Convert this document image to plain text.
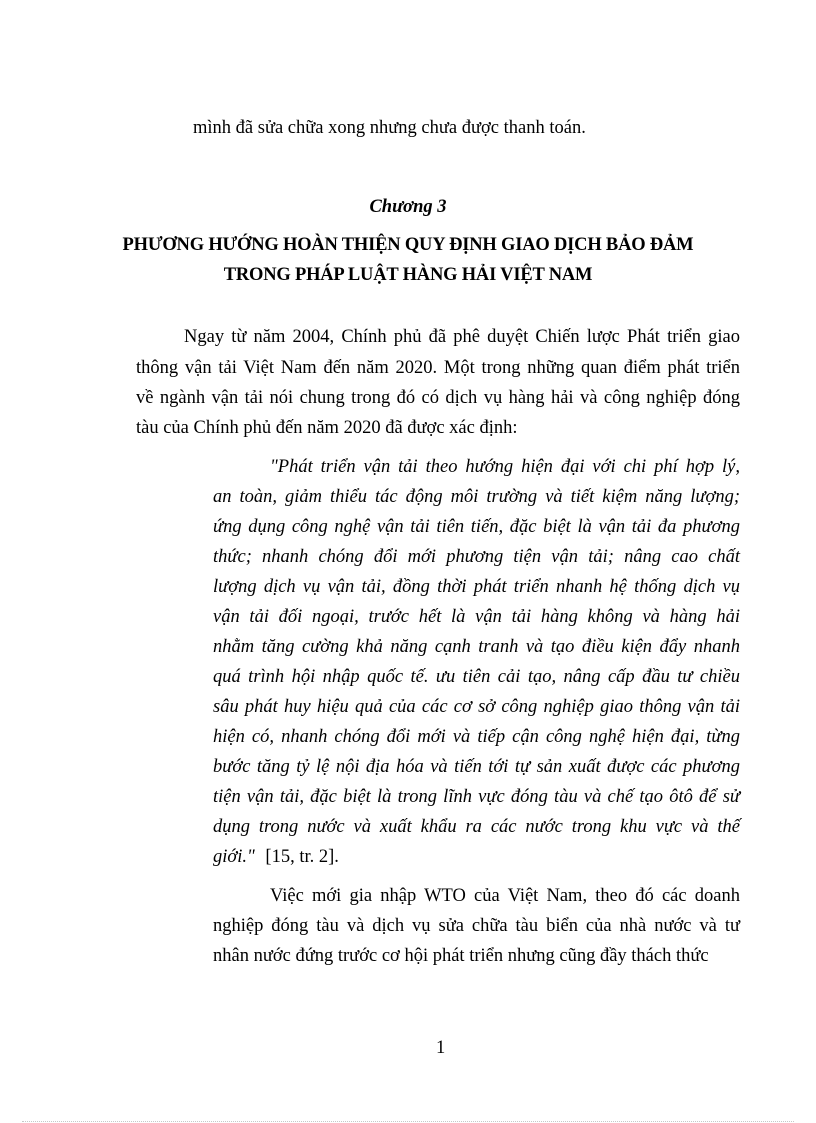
mình đã sửa chữa xong nhưng chưa được thanh toán.
Chương 3
PHƯƠNG HƯỚNG HOÀN THIỆN QUY ĐỊNH GIAO DỊCH BẢO ĐẢM
TRONG PHÁP LUẬT HÀNG HẢI VIỆT NAM
Ngay từ năm 2004, Chính phủ đã phê duyệt Chiến lược Phát triển giao
thông vận tải Việt Nam đến năm 2020. Một trong những quan điểm phát triển
về ngành vận tải nói chung trong đó có dịch vụ hàng hải và công nghiệp đóng
tàu của Chính phủ đến năm 2020 đã được xác định:
"Phát triển vận tải theo hướng hiện đại với chi phí hợp lý,
an toàn, giảm thiểu tác động môi trường và tiết kiệm năng lượng;
ứng dụng công nghệ vận tải tiên tiến, đặc biệt là vận tải đa phương
thức; nhanh chóng đổi mới phương tiện vận tải; nâng cao chất
lượng dịch vụ vận tải, đồng thời phát triển nhanh hệ thống dịch vụ
vận tải đối ngoại, trước hết là vận tải hàng không và hàng hải
nhằm tăng cường khả năng cạnh tranh và tạo điều kiện đẩy nhanh
quá trình hội nhập quốc tế. ưu tiên cải tạo, nâng cấp đầu tư chiều
sâu phát huy hiệu quả của các cơ sở công nghiệp giao thông vận tải
hiện có, nhanh chóng đổi mới và tiếp cận công nghệ hiện đại, từng
bước tăng tỷ lệ nội địa hóa và tiến tới tự sản xuất được các phương
tiện vận tải, đặc biệt là trong lĩnh vực đóng tàu và chế tạo ôtô để sử
dụng trong nước và xuất khẩu ra các nước trong khu vực và thế
giới." [15, tr. 2].
Việc mới gia nhập WTO của Việt Nam, theo đó các doanh
nghiệp đóng tàu và dịch vụ sửa chữa tàu biển của nhà nước và tư
nhân nước đứng trước cơ hội phát triển nhưng cũng đầy thách thức
1
